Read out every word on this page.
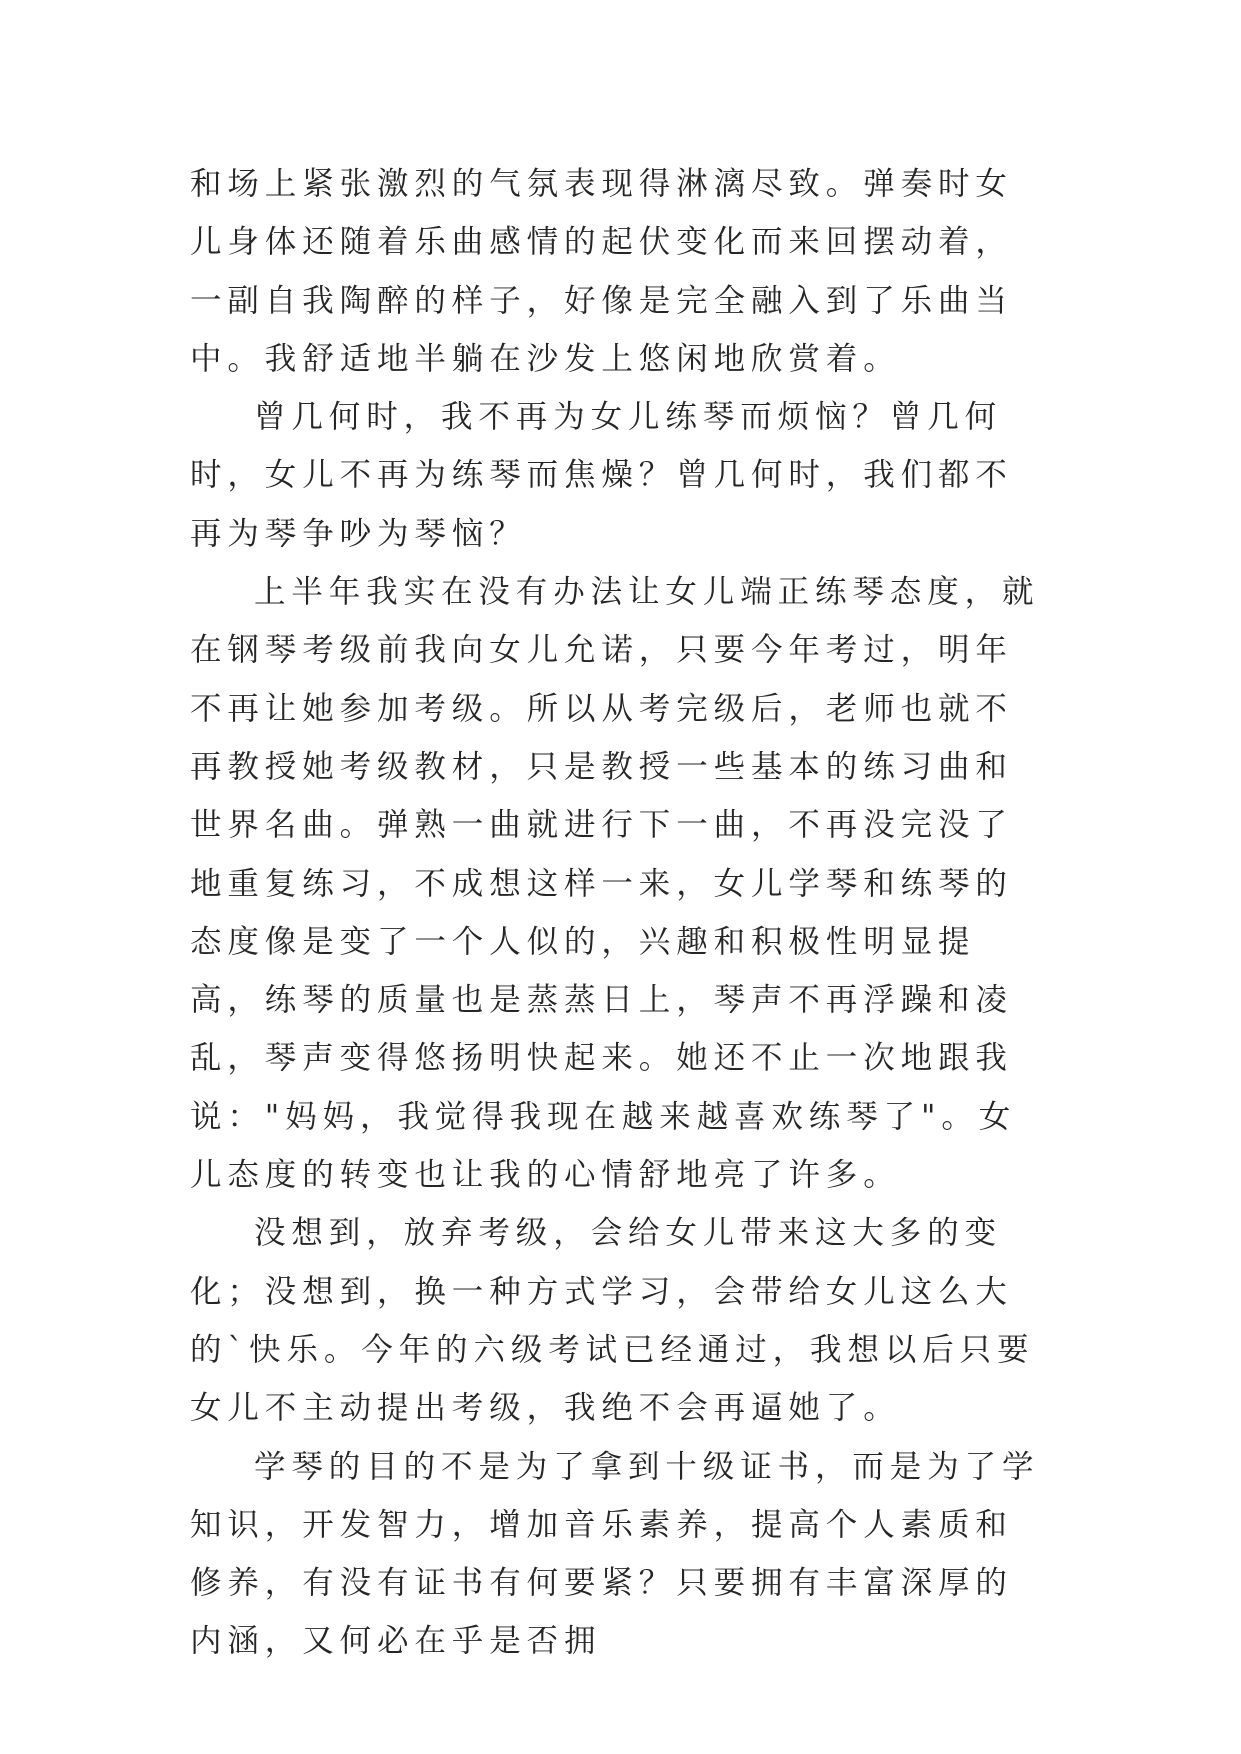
和场上紧张激烈的气氛表现得淋漓尽致。弹奏时女儿身体还随着乐曲感情的起伏变化而来回摆动着，一副自我陶醉的样子，好像是完全融入到了乐曲当中。我舒适地半躺在沙发上悠闲地欣赏着。

曾几何时，我不再为女儿练琴而烦恼？曾几何时，女儿不再为练琴而焦燥？曾几何时，我们都不再为琴争吵为琴恼？

上半年我实在没有办法让女儿端正练琴态度，就在钢琴考级前我向女儿允诺，只要今年考过，明年不再让她参加考级。所以从考完级后，老师也就不再教授她考级教材，只是教授一些基本的练习曲和世界名曲。弹熟一曲就进行下一曲，不再没完没了地重复练习，不成想这样一来，女儿学琴和练琴的态度像是变了一个人似的，兴趣和积极性明显提高，练琴的质量也是蒸蒸日上，琴声不再浮躁和凌乱，琴声变得悠扬明快起来。她还不止一次地跟我说："妈妈，我觉得我现在越来越喜欢练琴了"。女儿态度的转变也让我的心情舒地亮了许多。

没想到，放弃考级，会给女儿带来这大多的变化；没想到，换一种方式学习，会带给女儿这么大的`快乐。今年的六级考试已经通过，我想以后只要女儿不主动提出考级，我绝不会再逼她了。

学琴的目的不是为了拿到十级证书，而是为了学知识，开发智力，增加音乐素养，提高个人素质和修养，有没有证书有何要紧？只要拥有丰富深厚的内涵，又何必在乎是否拥
